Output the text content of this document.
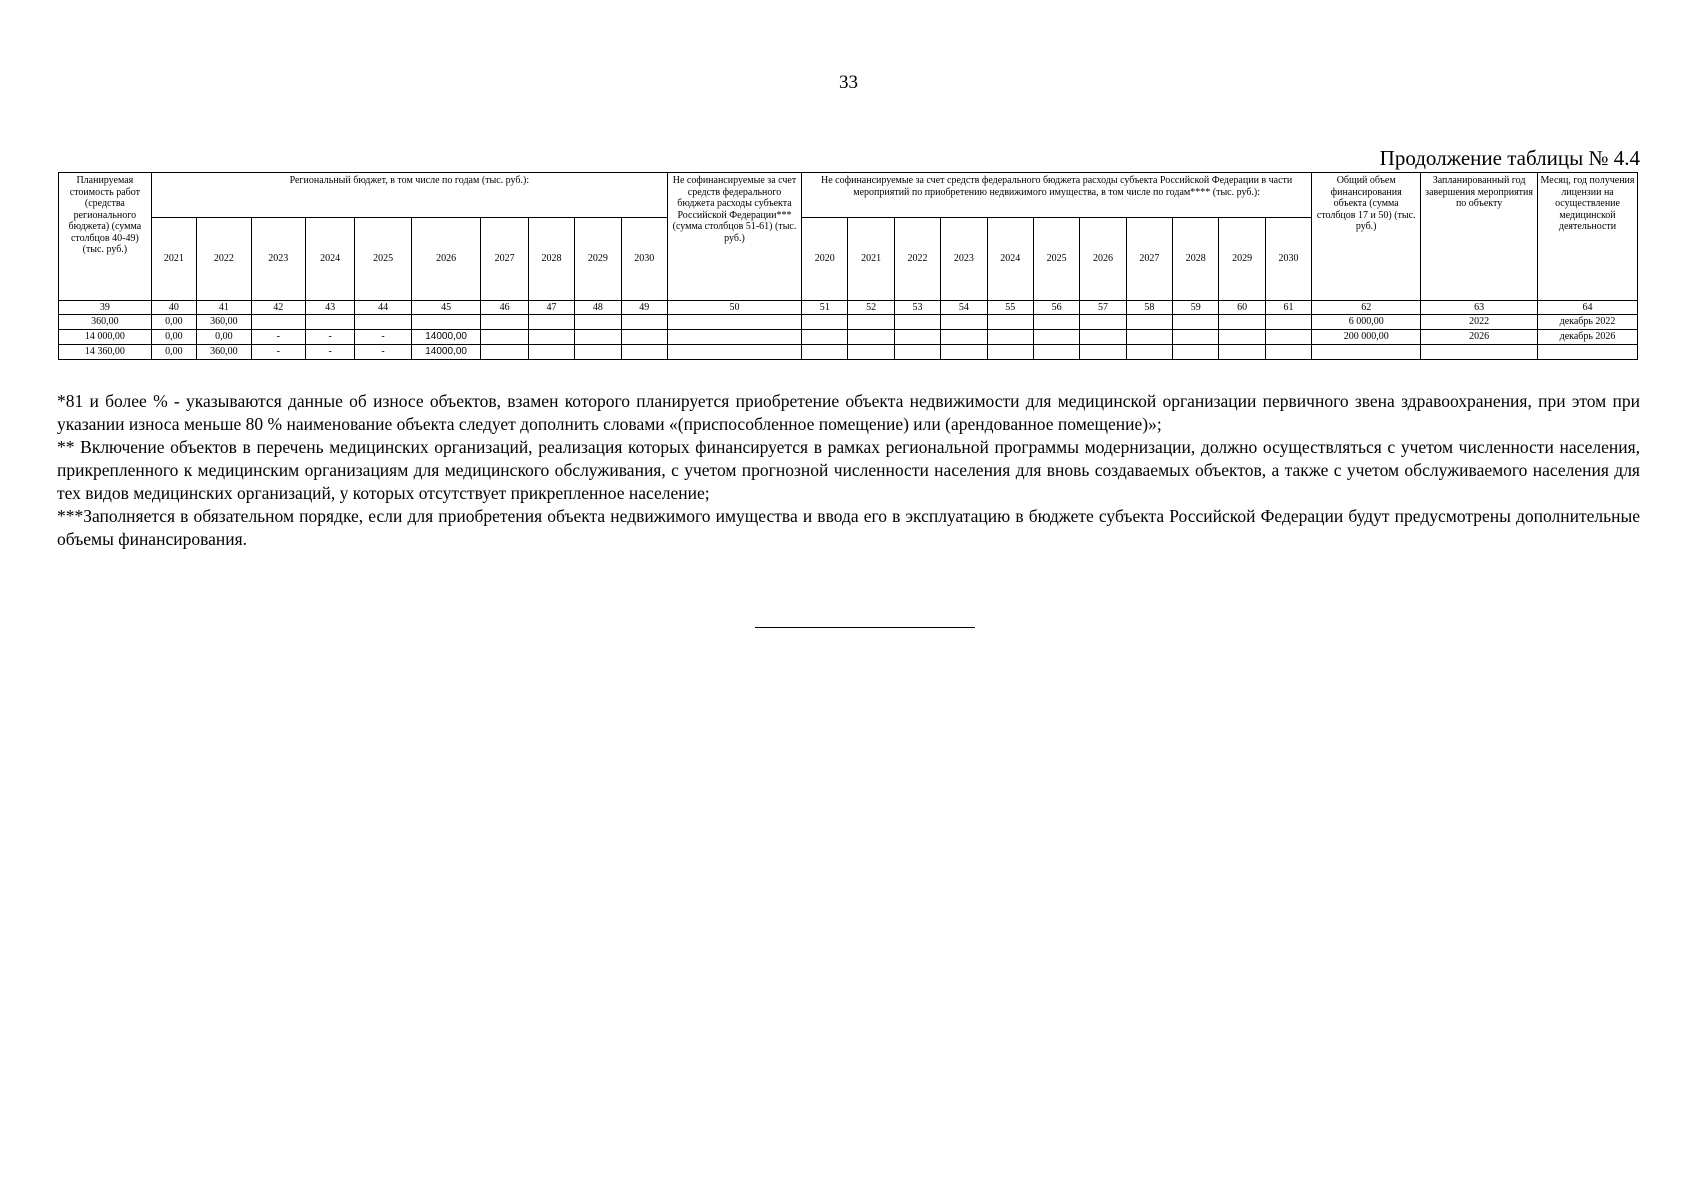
33
Продолжение таблицы № 4.4
Планируемая стоимость работ (средства регионального бюджета) (сумма столбцов 40-49) (тыс. руб.)	Региональный бюджет, в том числе по годам (тыс. руб.):										Не софинансируемые за счет средств федерального бюджета расходы субъекта Российской Федерации*** (сумма столбцов 51-61) (тыс. руб.)	Не софинансируемые за счет средств федерального бюджета расходы субъекта Российской Федерации в части мероприятий по приобретению недвижимого имущества, в том числе по годам**** (тыс. руб.):											Общий объем финансирования объекта (сумма столбцов 17 и 50) (тыс. руб.)	Запланированный год завершения мероприятия по объекту	Месяц, год получения лицензии на осуществление медицинской деятельности
	2021	2022	2023	2024	2025	2026	2027	2028	2029	2030		2020	2021	2022	2023	2024	2025	2026	2027	2028	2029	2030			
39	40	41	42	43	44	45	46	47	48	49	50	51	52	53	54	55	56	57	58	59	60	61	62	63	64
360,00	0,00	360,00																					6 000,00	2022	декабрь 2022
14 000,00	0,00	0,00	-	-	-	14000,00																	200 000,00	2026	декабрь 2026
14 360,00	0,00	360,00	-	-	-	14000,00																			

*81 и более % - указываются данные об износе объектов, взамен которого планируется приобретение объекта недвижимости для медицинской организации первичного звена здравоохранения, при этом при указании износа меньше 80 % наименование объекта следует дополнить словами «(приспособленное помещение) или (арендованное помещение)»;

** Включение объектов в перечень медицинских организаций, реализация которых финансируется в рамках региональной программы модернизации, должно осуществляться с учетом численности населения, прикрепленного к медицинским организациям для медицинского обслуживания, с учетом прогнозной численности населения для вновь создаваемых объектов, а также с учетом обслуживаемого населения для тех видов медицинских организаций, у которых отсутствует прикрепленное население;

***Заполняется в обязательном порядке, если для приобретения объекта недвижимого имущества и ввода его в эксплуатацию в бюджете субъекта Российской Федерации будут предусмотрены дополнительные объемы финансирования.
